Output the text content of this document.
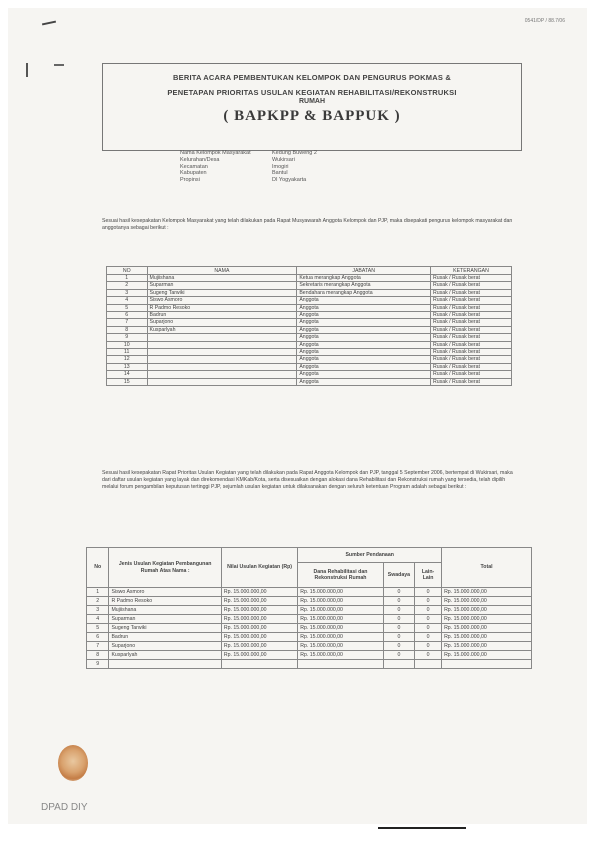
0541/DP / 88.7/06
BERITA ACARA PEMBENTUKAN KELOMPOK DAN PENGURUS POKMAS &
PENETAPAN PRIORITAS USULAN KEGIATAN REHABILITASI/REKONSTRUKSI
RUMAH
( BAPKPP & BAPPUK )
Nama Kelompok Masyarakat	Kedung Buweng 2
Kelurahan/Desa	Wukirsari
Kecamatan	Imogiri
Kabupaten	Bantul
Propinsi	DI Yogyakarta
Sesuai hasil kesepakatan Kelompok Masyarakat yang telah dilakukan pada Rapat Musyawarah Anggota Kelompok dan PJP, maka disepakati pengurus kelompok masyarakat dan anggotanya sebagai berikut :
NO	NAMA	JABATAN	KETERANGAN
1	Mujiishana	Ketua merangkap Anggota	Rusak / Rusak berat
2	Suparman	Sekretaris merangkap Anggota	Rusak / Rusak berat
3	Sugeng Tarwiki	Bendahara merangkap Anggota	Rusak / Rusak berat
4	Siswo Asmoro	Anggota	Rusak / Rusak berat
5	R Padmo Resoko	Anggota	Rusak / Rusak berat
6	Badrun	Anggota	Rusak / Rusak berat
7	Suparjono	Anggota	Rusak / Rusak berat
8	Kusparlyah	Anggota	Rusak / Rusak berat
9		Anggota	Rusak / Rusak berat
10		Anggota	Rusak / Rusak berat
11		Anggota	Rusak / Rusak berat
12		Anggota	Rusak / Rusak berat
13		Anggota	Rusak / Rusak berat
14		Anggota	Rusak / Rusak berat
15		Anggota	Rusak / Rusak berat
Sesuai hasil kesepakatan Rapat Prioritas Usulan Kegiatan yang telah dilakukan pada Rapat Anggota Kelompok dan PJP, tanggal 5 September 2006, bertempat di Wukirsari, maka dari daftar usulan kegiatan yang layak dan direkomendasi KMKab/Kota, serta disesuaikan dengan alokasi dana Rehabilitasi dan Rekonstruksi rumah yang tersedia, telah dipilih melalui forum pengambilan keputusan tertinggi PJP, sejumlah usulan kegiatan untuk dilaksanakan dengan seluruh ketentuan Program adalah sebagai berikut :
No	Jenis Usulan Kegiatan Pembangunan Rumah Atas Nama :	Nilai Usulan Kegiatan (Rp)	Sumber Pendanaan			Total
			Dana Rehabilitasi dan Rekonstruksi Rumah	Swadaya	Lain-Lain	
1	Siswo Asmoro	Rp. 15.000.000,00	Rp. 15.000.000,00	0	0	Rp. 15.000.000,00
2	R Padmo Resoko	Rp. 15.000.000,00	Rp. 15.000.000,00	0	0	Rp. 15.000.000,00
3	Mujiishana	Rp. 15.000.000,00	Rp. 15.000.000,00	0	0	Rp. 15.000.000,00
4	Suparman	Rp. 15.000.000,00	Rp. 15.000.000,00	0	0	Rp. 15.000.000,00
5	Sugeng Tarwiki	Rp. 15.000.000,00	Rp. 15.000.000,00	0	0	Rp. 15.000.000,00
6	Badrun	Rp. 15.000.000,00	Rp. 15.000.000,00	0	0	Rp. 15.000.000,00
7	Suparjono	Rp. 15.000.000,00	Rp. 15.000.000,00	0	0	Rp. 15.000.000,00
8	Kusparlyah	Rp. 15.000.000,00	Rp. 15.000.000,00	0	0	Rp. 15.000.000,00
9						
DPAD DIY
